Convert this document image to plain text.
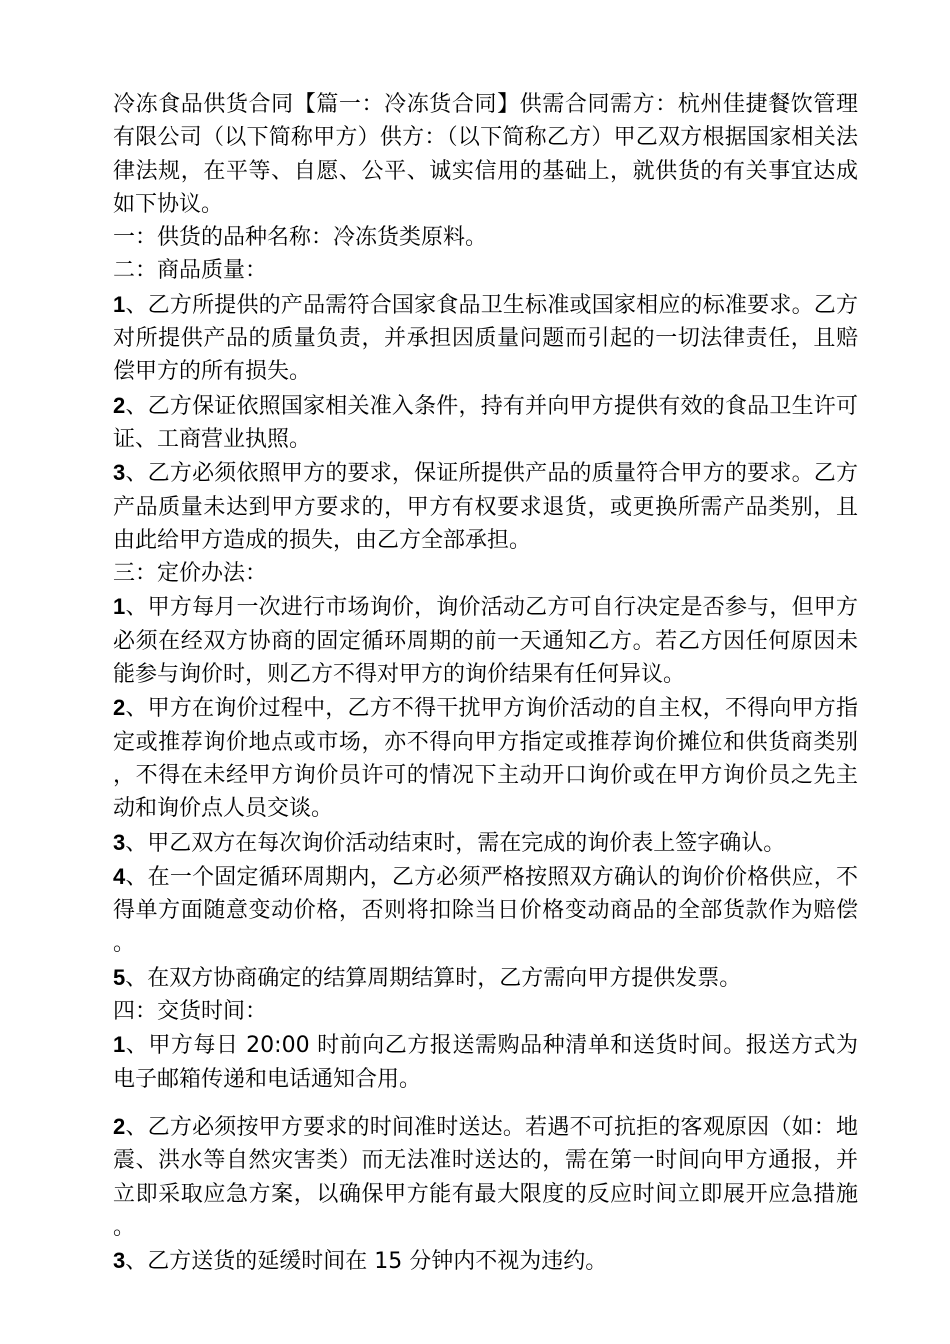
冷冻食品供货合同【篇一：冷冻货合同】供需合同需方：杭州佳捷餐饮管理有限公司（以下简称甲方）供方：（以下简称乙方）甲乙双方根据国家相关法律法规，在平等、自愿、公平、诚实信用的基础上，就供货的有关事宜达成如下协议。

一：供货的品种名称：冷冻货类原料。

二：商品质量：

1、乙方所提供的产品需符合国家食品卫生标准或国家相应的标准要求。乙方对所提供产品的质量负责，并承担因质量问题而引起的一切法律责任，且赔偿甲方的所有损失。

2、乙方保证依照国家相关准入条件，持有并向甲方提供有效的食品卫生许可证、工商营业执照。

3、乙方必须依照甲方的要求，保证所提供产品的质量符合甲方的要求。乙方产品质量未达到甲方要求的，甲方有权要求退货，或更换所需产品类别，且由此给甲方造成的损失，由乙方全部承担。

三：定价办法：

1、甲方每月一次进行市场询价，询价活动乙方可自行决定是否参与，但甲方必须在经双方协商的固定循环周期的前一天通知乙方。若乙方因任何原因未能参与询价时，则乙方不得对甲方的询价结果有任何异议。

2、甲方在询价过程中，乙方不得干扰甲方询价活动的自主权，不得向甲方指定或推荐询价地点或市场，亦不得向甲方指定或推荐询价摊位和供货商类别，不得在未经甲方询价员许可的情况下主动开口询价或在甲方询价员之先主动和询价点人员交谈。

3、甲乙双方在每次询价活动结束时，需在完成的询价表上签字确认。

4、在一个固定循环周期内，乙方必须严格按照双方确认的询价价格供应，不得单方面随意变动价格，否则将扣除当日价格变动商品的全部货款作为赔偿。

5、在双方协商确定的结算周期结算时，乙方需向甲方提供发票。

四：交货时间：

1、甲方每日 20:00 时前向乙方报送需购品种清单和送货时间。报送方式为电子邮箱传递和电话通知合用。

2、乙方必须按甲方要求的时间准时送达。若遇不可抗拒的客观原因（如：地震、洪水等自然灾害类）而无法准时送达的，需在第一时间向甲方通报，并立即采取应急方案，以确保甲方能有最大限度的反应时间立即展开应急措施。

3、乙方送货的延缓时间在 15 分钟内不视为违约。
